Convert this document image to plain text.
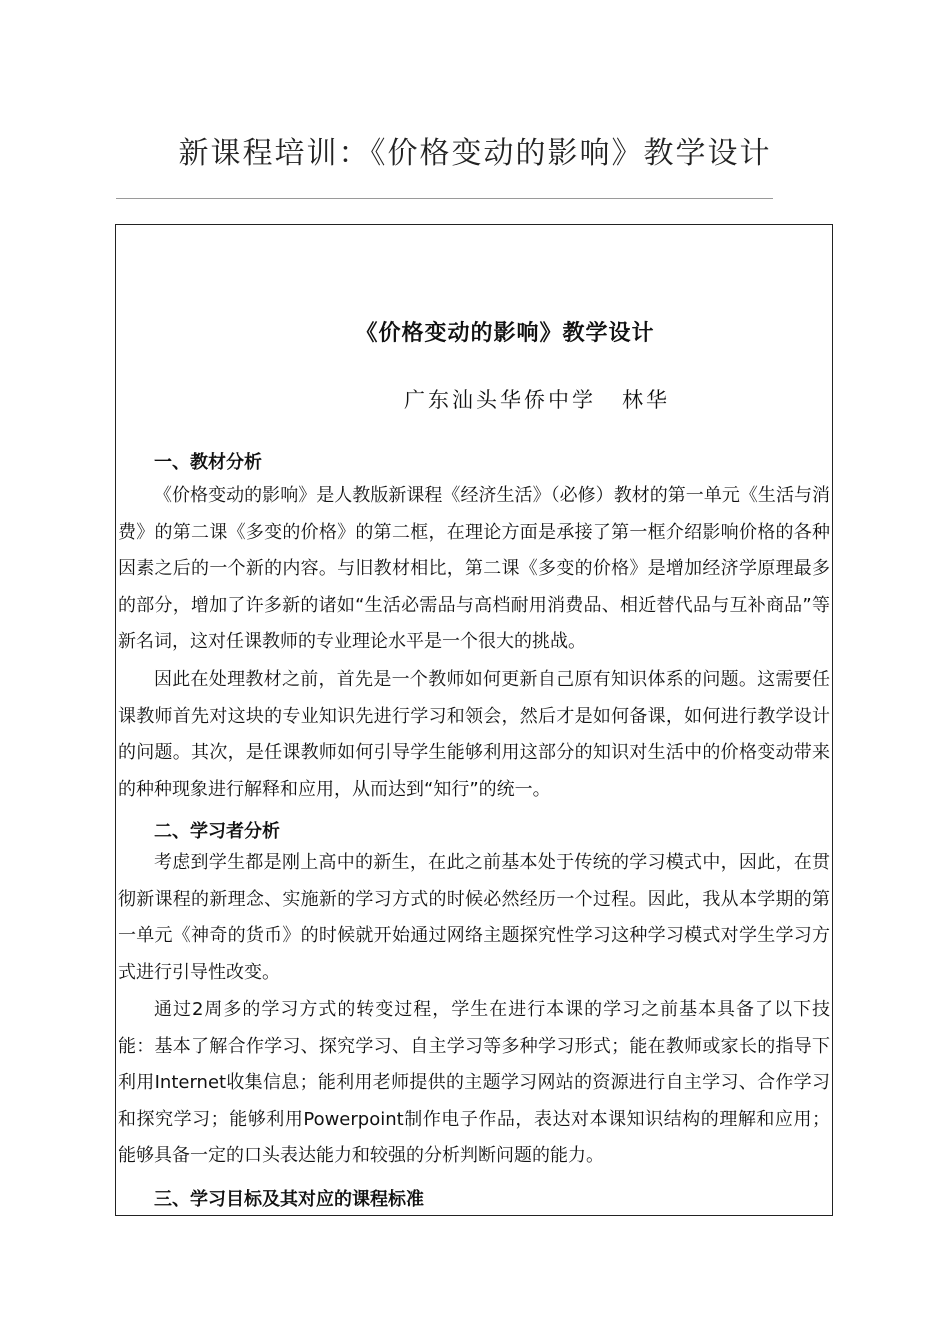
新课程培训：《价格变动的影响》教学设计
《价格变动的影响》教学设计
广东汕头华侨中学 林华
一、教材分析

《价格变动的影响》是人教版新课程《经济生活》（必修）教材的第一单元《生活与消费》的第二课《多变的价格》的第二框，在理论方面是承接了第一框介绍影响价格的各种因素之后的一个新的内容。与旧教材相比，第二课《多变的价格》是增加经济学原理最多的部分，增加了许多新的诸如“生活必需品与高档耐用消费品、相近替代品与互补商品”等新名词，这对任课教师的专业理论水平是一个很大的挑战。

因此在处理教材之前，首先是一个教师如何更新自己原有知识体系的问题。这需要任课教师首先对这块的专业知识先进行学习和领会，然后才是如何备课，如何进行教学设计的问题。其次，是任课教师如何引导学生能够利用这部分的知识对生活中的价格变动带来的种种现象进行解释和应用，从而达到“知行”的统一。

二、学习者分析

考虑到学生都是刚上高中的新生，在此之前基本处于传统的学习模式中，因此，在贯彻新课程的新理念、实施新的学习方式的时候必然经历一个过程。因此，我从本学期的第一单元《神奇的货币》的时候就开始通过网络主题探究性学习这种学习模式对学生学习方式进行引导性改变。

通过2周多的学习方式的转变过程，学生在进行本课的学习之前基本具备了以下技能：基本了解合作学习、探究学习、自主学习等多种学习形式；能在教师或家长的指导下利用Internet收集信息；能利用老师提供的主题学习网站的资源进行自主学习、合作学习和探究学习；能够利用Powerpoint制作电子作品，表达对本课知识结构的理解和应用；能够具备一定的口头表达能力和较强的分析判断问题的能力。

三、学习目标及其对应的课程标准
